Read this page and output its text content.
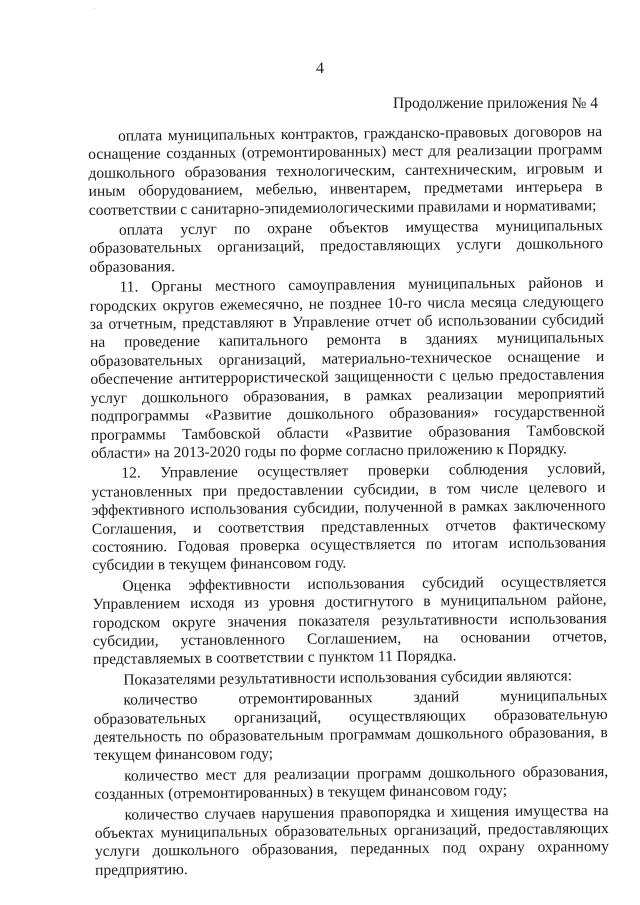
4
Продолжение приложения № 4

оплата муниципальных контрактов, гражданско-правовых договоров на оснащение созданных (отремонтированных) мест для реализации программ дошкольного образования технологическим, сантехническим, игровым и иным оборудованием, мебелью, инвентарем, предметами интерьера в соответствии с санитарно-эпидемиологическими правилами и нормативами;

оплата услуг по охране объектов имущества муниципальных образовательных организаций, предоставляющих услуги дошкольного образования.

11. Органы местного самоуправления муниципальных районов и городских округов ежемесячно, не позднее 10-го числа месяца следующего за отчетным, представляют в Управление отчет об использовании субсидий на проведение капитального ремонта в зданиях муниципальных образовательных организаций, материально-техническое оснащение и обеспечение антитеррористической защищенности с целью предоставления услуг дошкольного образования, в рамках реализации мероприятий подпрограммы «Развитие дошкольного образования» государственной программы Тамбовской области «Развитие образования Тамбовской области» на 2013-2020 годы по форме согласно приложению к Порядку.

12. Управление осуществляет проверки соблюдения условий, установленных при предоставлении субсидии, в том числе целевого и эффективного использования субсидии, полученной в рамках заключенного Соглашения, и соответствия представленных отчетов фактическому состоянию. Годовая проверка осуществляется по итогам использования субсидии в текущем финансовом году.

Оценка эффективности использования субсидий осуществляется Управлением исходя из уровня достигнутого в муниципальном районе, городском округе значения показателя результативности использования субсидии, установленного Соглашением, на основании отчетов, представляемых в соответствии с пунктом 11 Порядка.

Показателями результативности использования субсидии являются:

количество отремонтированных зданий муниципальных образовательных организаций, осуществляющих образовательную деятельность по образовательным программам дошкольного образования, в текущем финансовом году;

количество мест для реализации программ дошкольного образования, созданных (отремонтированных) в текущем финансовом году;

количество случаев нарушения правопорядка и хищения имущества на объектах муниципальных образовательных организаций, предоставляющих услуги дошкольного образования, переданных под охрану охранному предприятию.
